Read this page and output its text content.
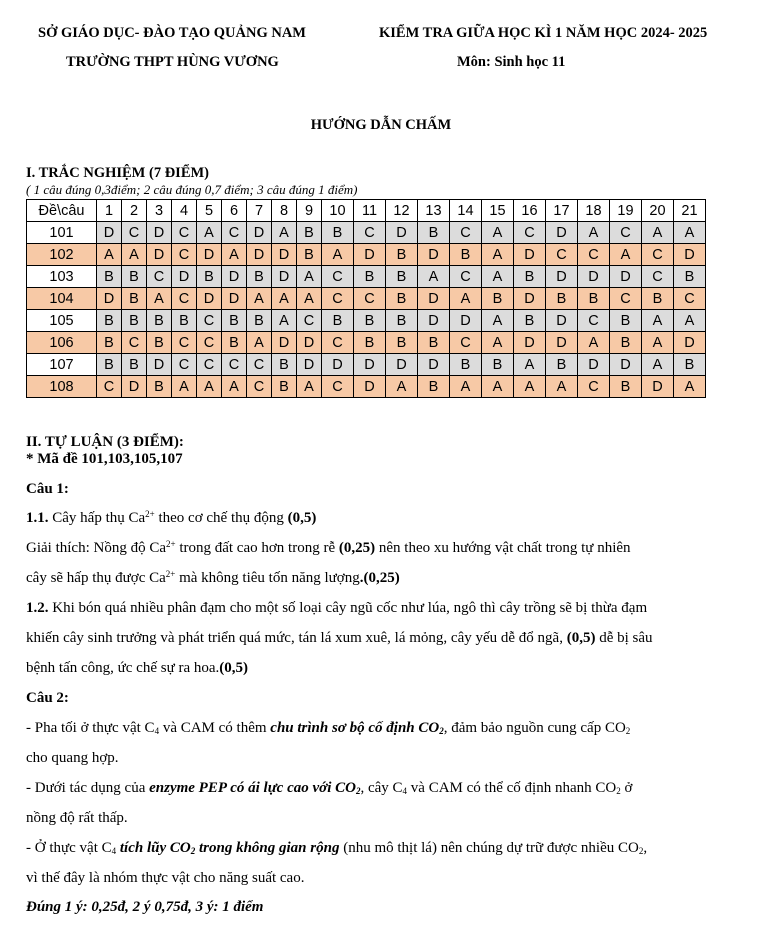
SỞ GIÁO DỤC- ĐÀO TẠO QUẢNG NAM
TRƯỜNG THPT HÙNG VƯƠNG
KIỂM TRA GIỮA HỌC KÌ 1 NĂM HỌC 2024- 2025
Môn: Sinh học 11
HƯỚNG DẪN CHẤM
I. TRẮC NGHIỆM (7 ĐIỂM)
( 1 câu đúng 0,3điểm; 2 câu đúng 0,7 điểm; 3 câu đúng 1 điểm)
Đề\câu	1	2	3	4	5	6	7	8	9	10	11	12	13	14	15	16	17	18	19	20	21
101	D	C	D	C	A	C	D	A	B	B	C	D	B	C	A	C	D	A	C	A	A
102	A	A	D	C	D	A	D	D	B	A	D	B	D	B	A	D	C	C	A	C	D
103	B	B	C	D	B	D	B	D	A	C	B	B	A	C	A	B	D	D	D	C	B
104	D	B	A	C	D	D	A	A	A	C	C	B	D	A	B	D	B	B	C	B	C
105	B	B	B	B	C	B	B	A	C	B	B	B	D	D	A	B	D	C	B	A	A
106	B	C	B	C	C	B	A	D	D	C	B	B	B	C	A	D	D	A	B	A	D
107	B	B	D	C	C	C	C	B	D	D	D	D	D	B	B	A	B	D	D	A	B
108	C	D	B	A	A	A	C	B	A	C	D	A	B	A	A	A	A	C	B	D	A
II. TỰ LUẬN (3 ĐIỂM):
* Mã đề 101,103,105,107
Câu 1:
1.1. Cây hấp thụ $Ca^{2+}$ theo cơ chế thụ động (0,5)
Giải thích: Nồng độ $Ca^{2+}$ trong đất cao hơn trong rễ (0,25) nên theo xu hướng vật chất trong tự nhiên
cây sẽ hấp thụ được $Ca^{2+}$ mà không tiêu tốn năng lượng.(0,25)
1.2. Khi bón quá nhiều phân đạm cho một số loại cây ngũ cốc như lúa, ngô thì cây trồng sẽ bị thừa đạm
khiến cây sinh trưởng và phát triển quá mức, tán lá xum xuê, lá mỏng, cây yếu dễ đổ ngã, (0,5) dễ bị sâu
bệnh tấn công, ức chế sự ra hoa.(0,5)
Câu 2:
- Pha tối ở thực vật $C_4$ và CAM có thêm chu trình sơ bộ cố định $CO_2$, đảm bảo nguồn cung cấp $CO_2$
cho quang hợp.
- Dưới tác dụng của enzyme PEP có ái lực cao với $CO_2$, cây $C_4$ và CAM có thể cố định nhanh $CO_2$ ở
nồng độ rất thấp.
- Ở thực vật $C_4$ tích lũy $CO_2$ trong không gian rộng (nhu mô thịt lá) nên chúng dự trữ được nhiều $CO_2$,
vì thế đây là nhóm thực vật cho năng suất cao.
Đúng 1 ý: 0,25đ, 2 ý 0,75đ, 3 ý: 1 điểm
